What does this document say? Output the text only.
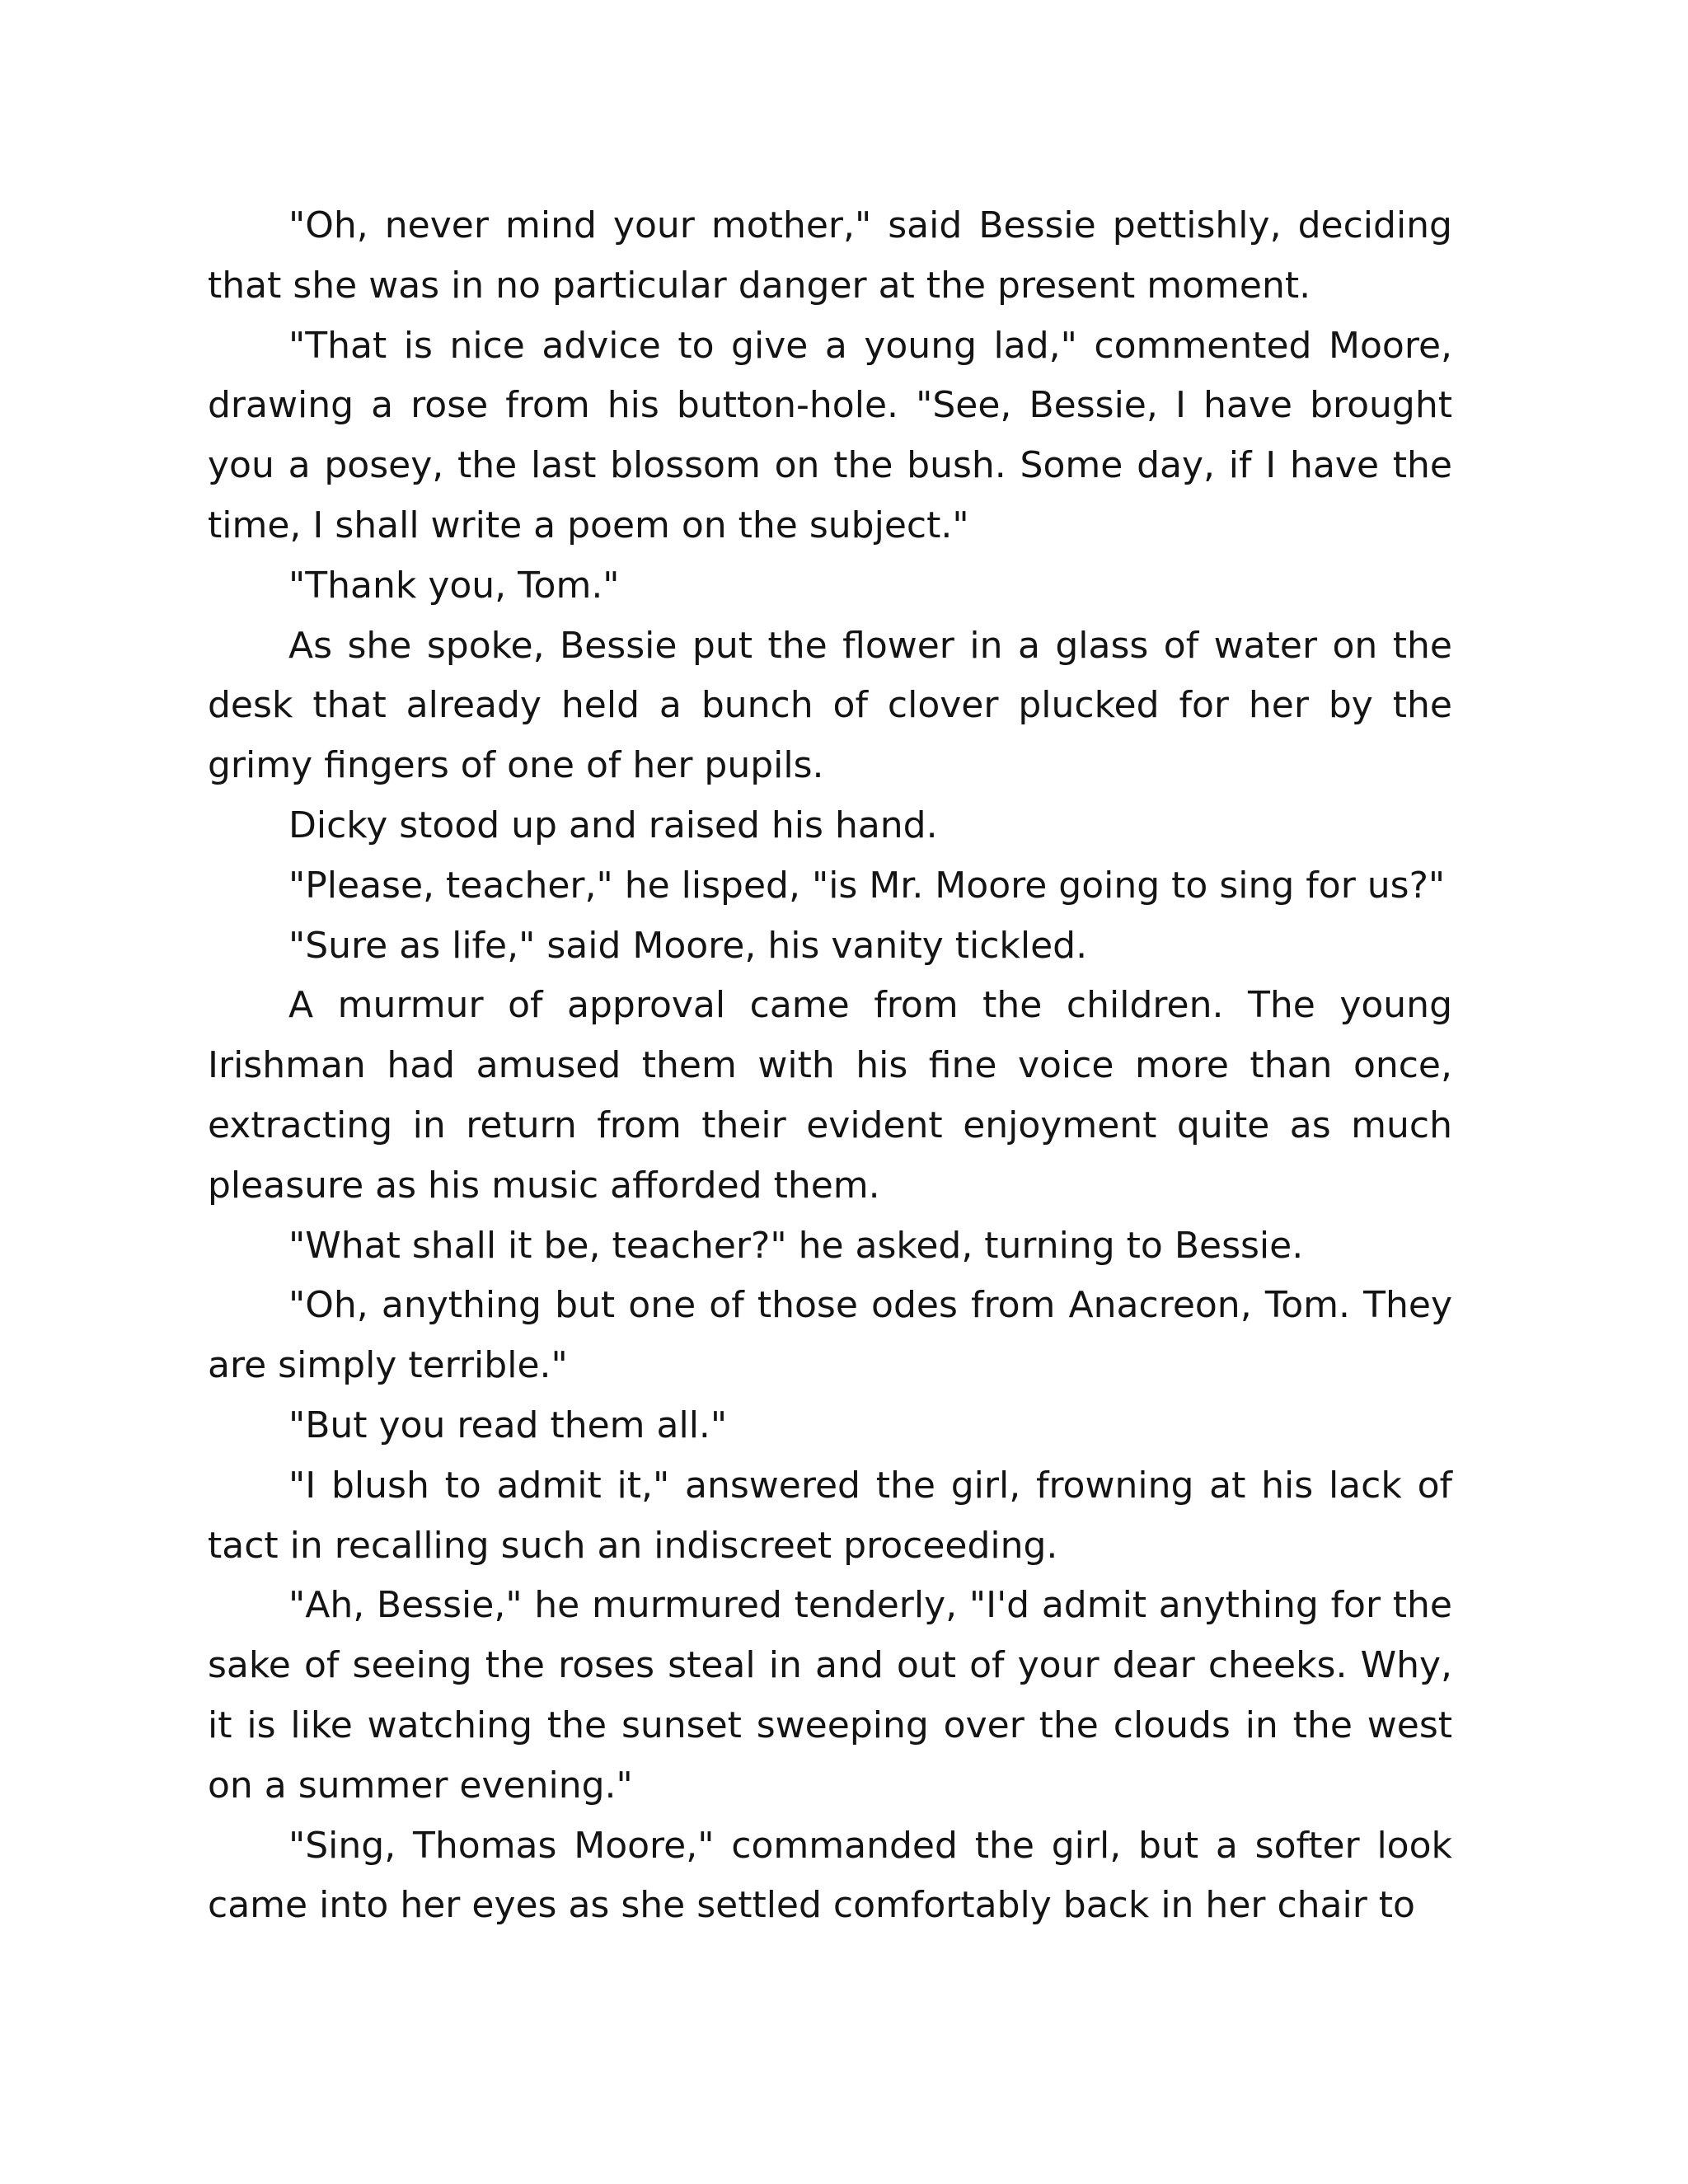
"Oh, never mind your mother," said Bessie pettishly, deciding that she was in no particular danger at the present moment.

"That is nice advice to give a young lad," commented Moore, drawing a rose from his button-hole. "See, Bessie, I have brought you a posey, the last blossom on the bush. Some day, if I have the time, I shall write a poem on the subject."

"Thank you, Tom."

As she spoke, Bessie put the flower in a glass of water on the desk that already held a bunch of clover plucked for her by the grimy fingers of one of her pupils.

Dicky stood up and raised his hand.

"Please, teacher," he lisped, "is Mr. Moore going to sing for us?"

"Sure as life," said Moore, his vanity tickled.

A murmur of approval came from the children. The young Irishman had amused them with his fine voice more than once, extracting in return from their evident enjoyment quite as much pleasure as his music afforded them.

"What shall it be, teacher?" he asked, turning to Bessie.

"Oh, anything but one of those odes from Anacreon, Tom. They are simply terrible."

"But you read them all."

"I blush to admit it," answered the girl, frowning at his lack of tact in recalling such an indiscreet proceeding.

"Ah, Bessie," he murmured tenderly, "I'd admit anything for the sake of seeing the roses steal in and out of your dear cheeks. Why, it is like watching the sunset sweeping over the clouds in the west on a summer evening."

"Sing, Thomas Moore," commanded the girl, but a softer look came into her eyes as she settled comfortably back in her chair to
